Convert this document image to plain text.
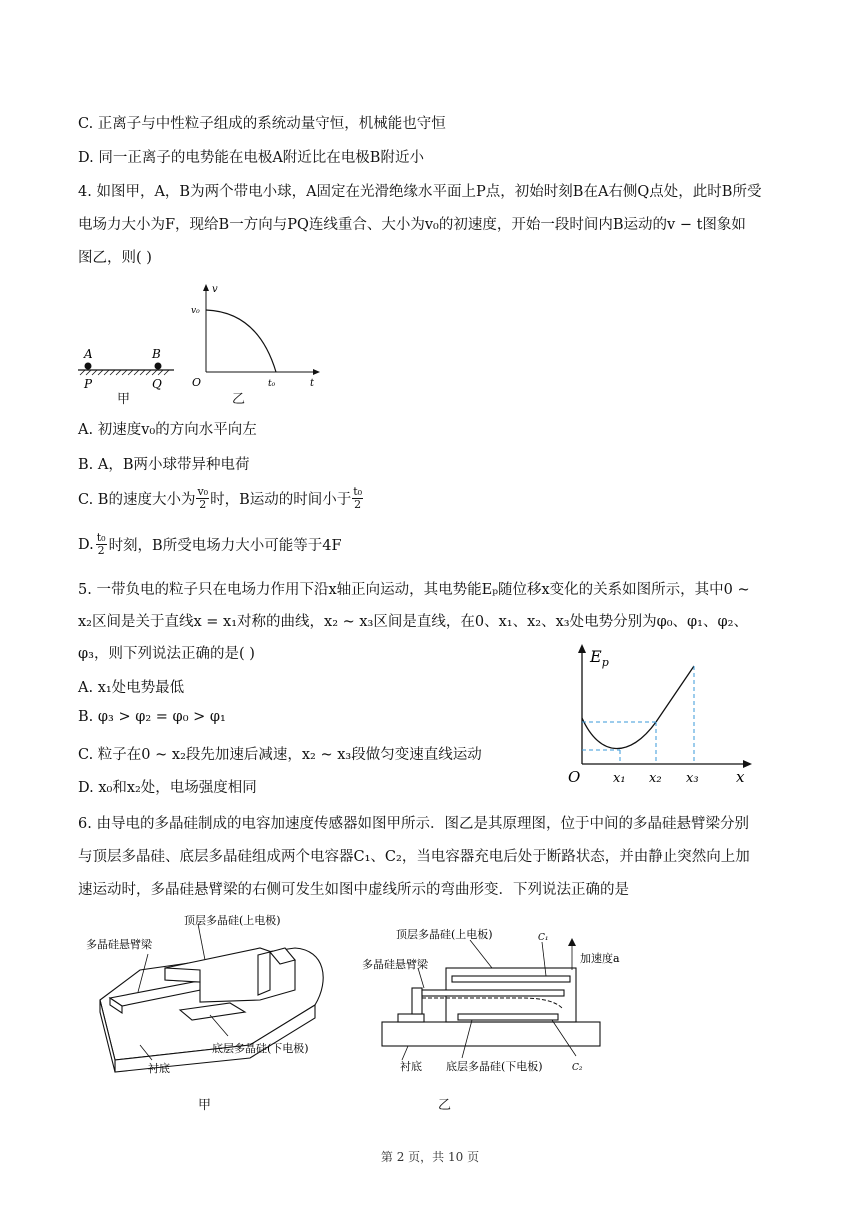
C. 正离子与中性粒子组成的系统动量守恒，机械能也守恒
D. 同一正离子的电势能在电极A附近比在电极B附近小
4. 如图甲，A，B为两个带电小球，A固定在光滑绝缘水平面上P点，初始时刻B在A右侧Q点处，此时B所受
电场力大小为F，现给B一方向与PQ连线重合、大小为v₀的初速度，开始一段时间内B运动的v − t图象如
图乙，则( )
A	B
P	Q
甲
v
v₀
O	t₀	t
乙
A. 初速度v₀的方向水平向左
B. A，B两小球带异种电荷
C. B的速度大小为
v₀
2 时，B运动的时间小于
t₀
2
D. t₀
2 时刻，B所受电场力大小可能等于4F
5. 一带负电的粒子只在电场力作用下沿x轴正向运动，其电势能Eₚ随位移x变化的关系如图所示，其中0 ~
x₂区间是关于直线x = x₁对称的曲线，x₂ ~ x₃区间是直线，在0、x₁、x₂、x₃处电势分别为φ₀、φ₁、φ₂、
φ₃，则下列说法正确的是( )
A. x₁处电势最低
B. φ₃ > φ₂ = φ₀ > φ₁
C. 粒子在0 ~ x₂段先加速后减速，x₂ ~ x₃段做匀变速直线运动
D. x₀和x₂处，电场强度相同
$E_p$
O	x₁ x₂ x₃ x
6. 由导电的多晶硅制成的电容加速度传感器如图甲所示．图乙是其原理图，位于中间的多晶硅悬臂梁分别
与顶层多晶硅、底层多晶硅组成两个电容器C₁、C₂，当电容器充电后处于断路状态，并由静止突然向上加
速运动时，多晶硅悬臂梁的右侧可发生如图中虚线所示的弯曲形变．下列说法正确的是
多晶硅悬臂梁
顶层多晶硅(上电极)
底层多晶硅(下电极)
衬底
甲
顶层多晶硅(上电板)
多晶硅悬臂梁
C₁
加速度a
衬底 底层多晶硅(下电板)	C₂
乙
第 2 页，共 10 页
